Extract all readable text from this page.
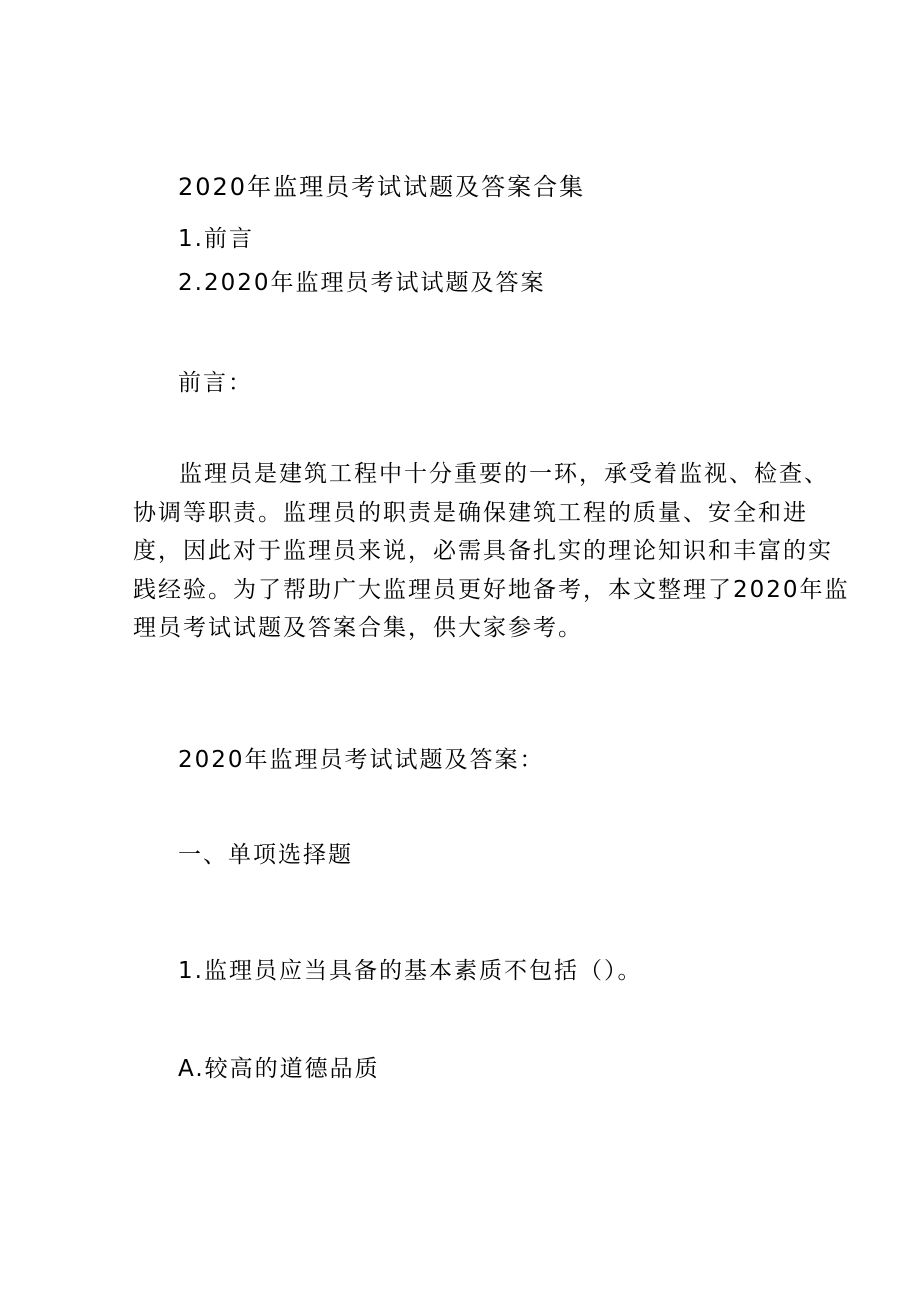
2020年监理员考试试题及答案合集
1.前言
2.2020年监理员考试试题及答案
前言：
监理员是建筑工程中十分重要的一环，承受着监视、检查、
协调等职责。监理员的职责是确保建筑工程的质量、安全和进
度，因此对于监理员来说，必需具备扎实的理论知识和丰富的实
践经验。为了帮助广大监理员更好地备考，本文整理了2020年监
理员考试试题及答案合集，供大家参考。
2020年监理员考试试题及答案：
一、单项选择题
1.监理员应当具备的基本素质不包括（）。
A.较高的道德品质
